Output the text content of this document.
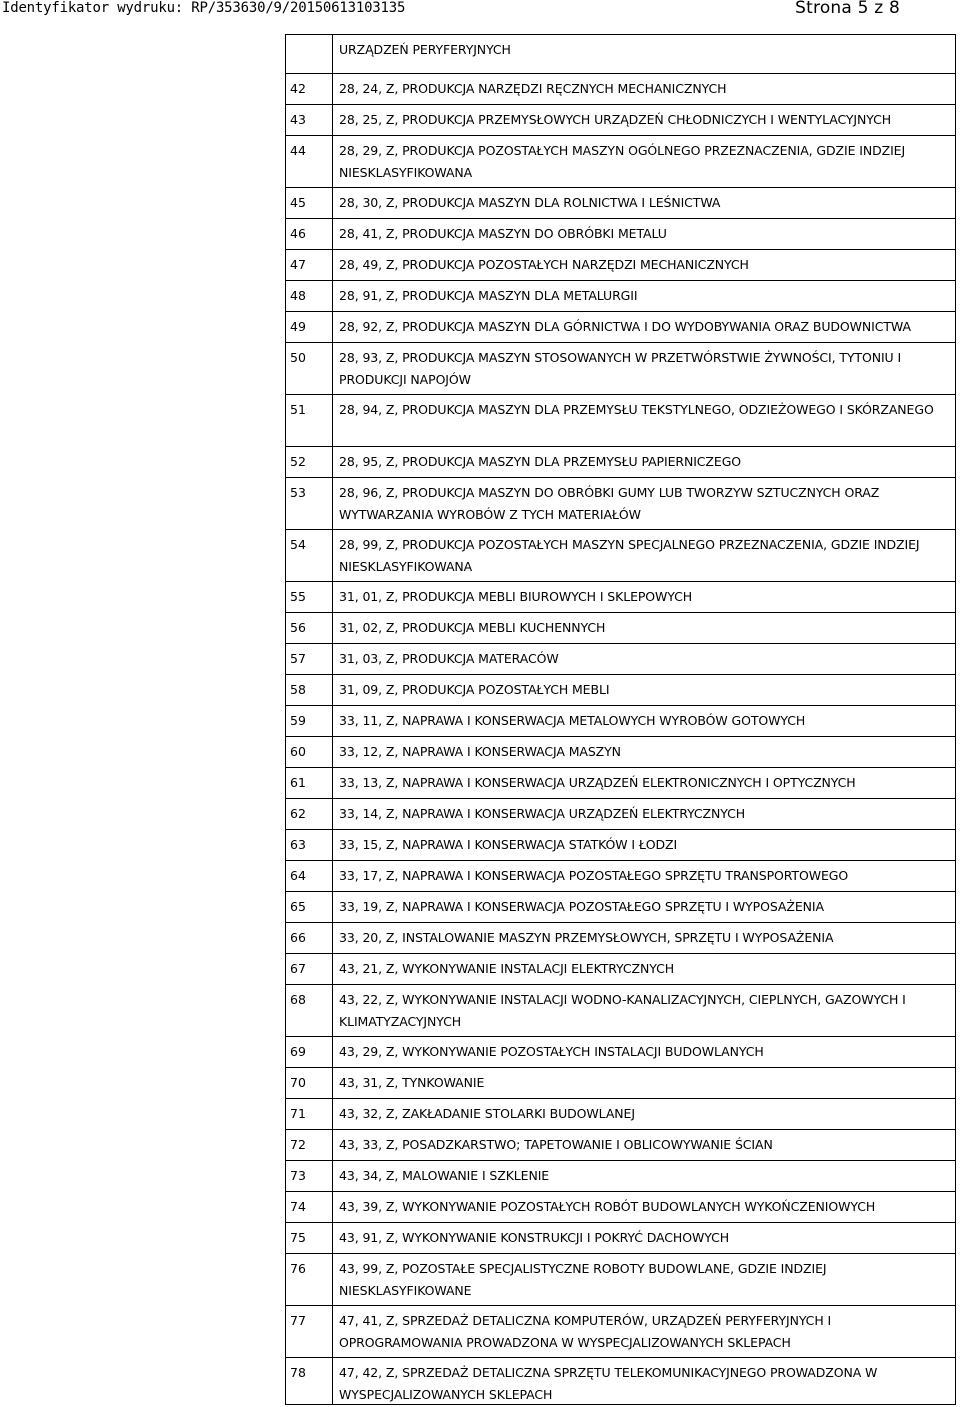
Identyfikator wydruku: RP/353630/9/20150613103135	Strona 5 z 8
URZĄDZEŃ PERYFERYJNYCH
42	28, 24, Z, PRODUKCJA NARZĘDZI RĘCZNYCH MECHANICZNYCH
43	28, 25, Z, PRODUKCJA PRZEMYSŁOWYCH URZĄDZEŃ CHŁODNICZYCH I WENTYLACYJNYCH
44	28, 29, Z, PRODUKCJA POZOSTAŁYCH MASZYN OGÓLNEGO PRZEZNACZENIA, GDZIE INDZIEJ NIESKLASYFIKOWANA
45	28, 30, Z, PRODUKCJA MASZYN DLA ROLNICTWA I LEŚNICTWA
46	28, 41, Z, PRODUKCJA MASZYN DO OBRÓBKI METALU
47	28, 49, Z, PRODUKCJA POZOSTAŁYCH NARZĘDZI MECHANICZNYCH
48	28, 91, Z, PRODUKCJA MASZYN DLA METALURGII
49	28, 92, Z, PRODUKCJA MASZYN DLA GÓRNICTWA I DO WYDOBYWANIA ORAZ BUDOWNICTWA
50	28, 93, Z, PRODUKCJA MASZYN STOSOWANYCH W PRZETWÓRSTWIE ŻYWNOŚCI, TYTONIU I PRODUKCJI NAPOJÓW
51	28, 94, Z, PRODUKCJA MASZYN DLA PRZEMYSŁU TEKSTYLNEGO, ODZIEŻOWEGO I SKÓRZANEGO
52	28, 95, Z, PRODUKCJA MASZYN DLA PRZEMYSŁU PAPIERNICZEGO
53	28, 96, Z, PRODUKCJA MASZYN DO OBRÓBKI GUMY LUB TWORZYW SZTUCZNYCH ORAZ WYTWARZANIA WYROBÓW Z TYCH MATERIAŁÓW
54	28, 99, Z, PRODUKCJA POZOSTAŁYCH MASZYN SPECJALNEGO PRZEZNACZENIA, GDZIE INDZIEJ NIESKLASYFIKOWANA
55	31, 01, Z, PRODUKCJA MEBLI BIUROWYCH I SKLEPOWYCH
56	31, 02, Z, PRODUKCJA MEBLI KUCHENNYCH
57	31, 03, Z, PRODUKCJA MATERACÓW
58	31, 09, Z, PRODUKCJA POZOSTAŁYCH MEBLI
59	33, 11, Z, NAPRAWA I KONSERWACJA METALOWYCH WYROBÓW GOTOWYCH
60	33, 12, Z, NAPRAWA I KONSERWACJA MASZYN
61	33, 13, Z, NAPRAWA I KONSERWACJA URZĄDZEŃ ELEKTRONICZNYCH I OPTYCZNYCH
62	33, 14, Z, NAPRAWA I KONSERWACJA URZĄDZEŃ ELEKTRYCZNYCH
63	33, 15, Z, NAPRAWA I KONSERWACJA STATKÓW I ŁODZI
64	33, 17, Z, NAPRAWA I KONSERWACJA POZOSTAŁEGO SPRZĘTU TRANSPORTOWEGO
65	33, 19, Z, NAPRAWA I KONSERWACJA POZOSTAŁEGO SPRZĘTU I WYPOSAŻENIA
66	33, 20, Z, INSTALOWANIE MASZYN PRZEMYSŁOWYCH, SPRZĘTU I WYPOSAŻENIA
67	43, 21, Z, WYKONYWANIE INSTALACJI ELEKTRYCZNYCH
68	43, 22, Z, WYKONYWANIE INSTALACJI WODNO-KANALIZACYJNYCH, CIEPLNYCH, GAZOWYCH I KLIMATYZACYJNYCH
69	43, 29, Z, WYKONYWANIE POZOSTAŁYCH INSTALACJI BUDOWLANYCH
70	43, 31, Z, TYNKOWANIE
71	43, 32, Z, ZAKŁADANIE STOLARKI BUDOWLANEJ
72	43, 33, Z, POSADZKARSTWO; TAPETOWANIE I OBLICOWYWANIE ŚCIAN
73	43, 34, Z, MALOWANIE I SZKLENIE
74	43, 39, Z, WYKONYWANIE POZOSTAŁYCH ROBÓT BUDOWLANYCH WYKOŃCZENIOWYCH
75	43, 91, Z, WYKONYWANIE KONSTRUKCJI I POKRYĆ DACHOWYCH
76	43, 99, Z, POZOSTAŁE SPECJALISTYCZNE ROBOTY BUDOWLANE, GDZIE INDZIEJ NIESKLASYFIKOWANE
77	47, 41, Z, SPRZEDAŻ DETALICZNA KOMPUTERÓW, URZĄDZEŃ PERYFERYJNYCH I OPROGRAMOWANIA PROWADZONA W WYSPECJALIZOWANYCH SKLEPACH
78	47, 42, Z, SPRZEDAŻ DETALICZNA SPRZĘTU TELEKOMUNIKACYJNEGO PROWADZONA W WYSPECJALIZOWANYCH SKLEPACH
